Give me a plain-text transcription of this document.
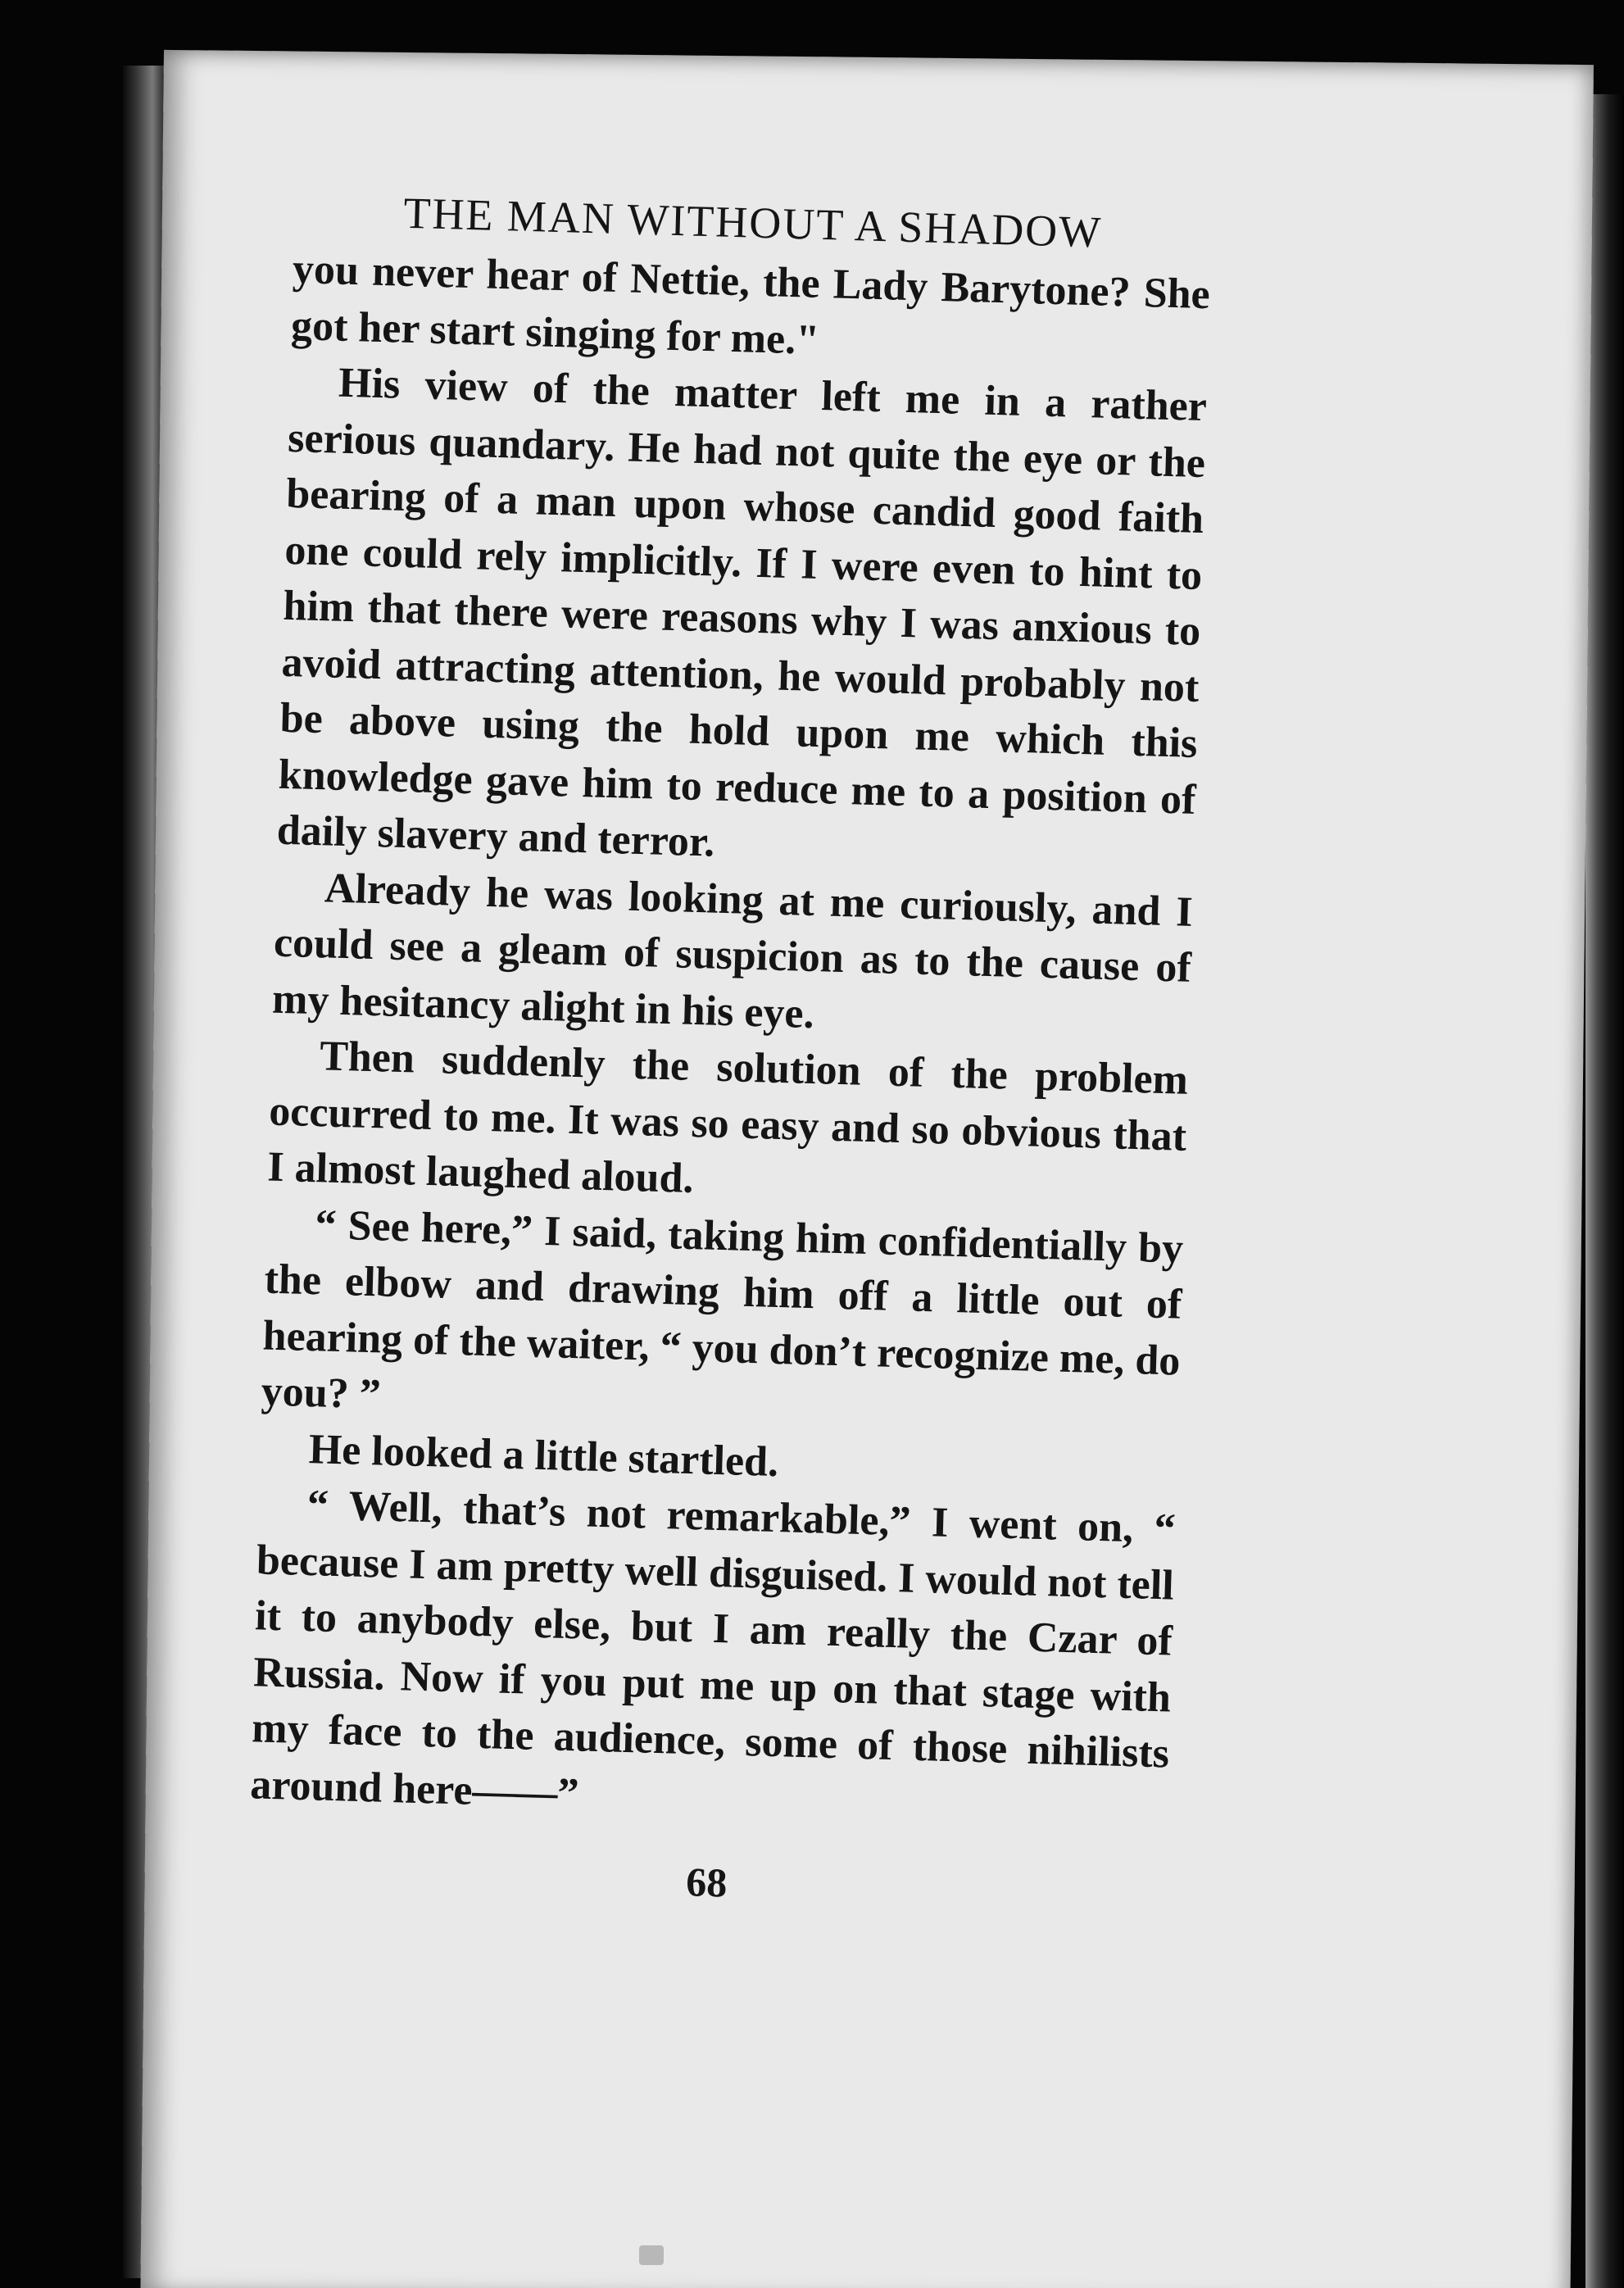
THE MAN WITHOUT A SHADOW

you never hear of Nettie, the Lady Barytone? She got her start singing for me."

His view of the matter left me in a rather serious quandary. He had not quite the eye or the bearing of a man upon whose candid good faith one could rely implicitly. If I were even to hint to him that there were reasons why I was anxious to avoid attracting attention, he would probably not be above using the hold upon me which this knowledge gave him to reduce me to a position of daily slavery and terror.

Already he was looking at me curiously, and I could see a gleam of suspicion as to the cause of my hesitancy alight in his eye.

Then suddenly the solution of the problem occurred to me. It was so easy and so obvious that I almost laughed aloud.

“ See here,” I said, taking him confidentially by the elbow and drawing him off a little out of hearing of the waiter, “ you don’t recognize me, do you? ”

He looked a little startled.

“ Well, that’s not remarkable,” I went on, “ because I am pretty well disguised. I would not tell it to anybody else, but I am really the Czar of Russia. Now if you put me up on that stage with my face to the audience, some of those nihilists around here——”

68
